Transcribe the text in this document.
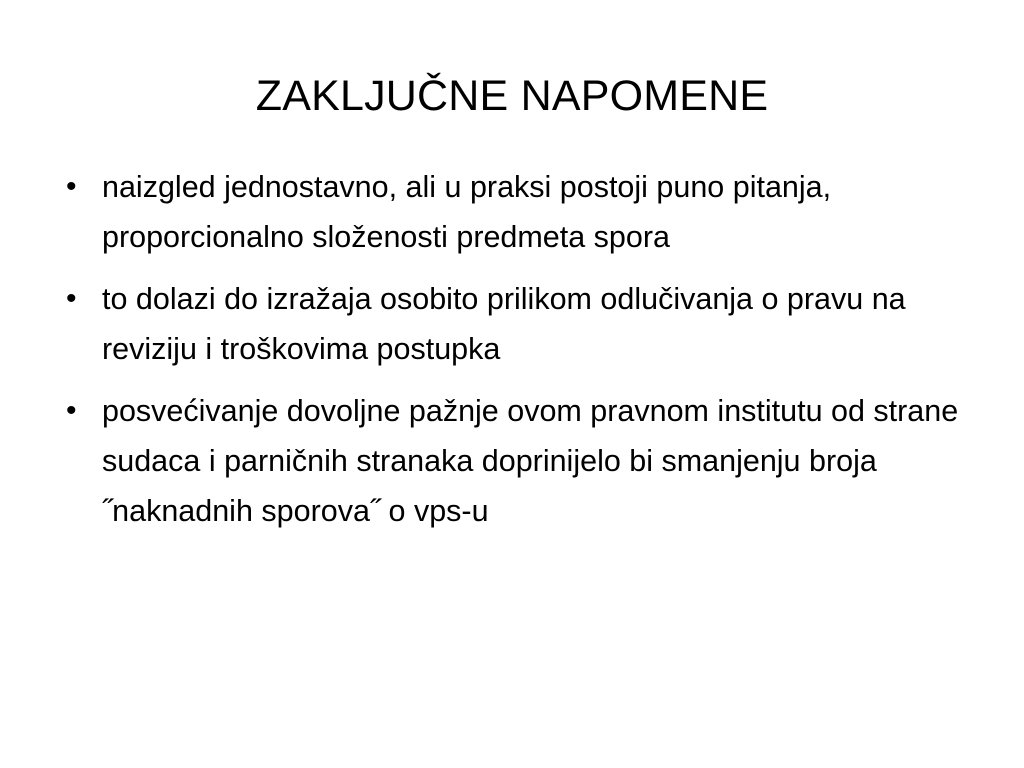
ZAKLJUČNE NAPOMENE
• naizgled jednostavno, ali u praksi postoji puno pitanja, proporcionalno složenosti predmeta spora
• to dolazi do izražaja osobito prilikom odlučivanja o pravu na reviziju i troškovima postupka
• posvećivanje dovoljne pažnje ovom pravnom institutu od strane sudaca i parničnih stranaka doprinijelo bi smanjenju broja ˝naknadnih sporova˝ o vps-u
